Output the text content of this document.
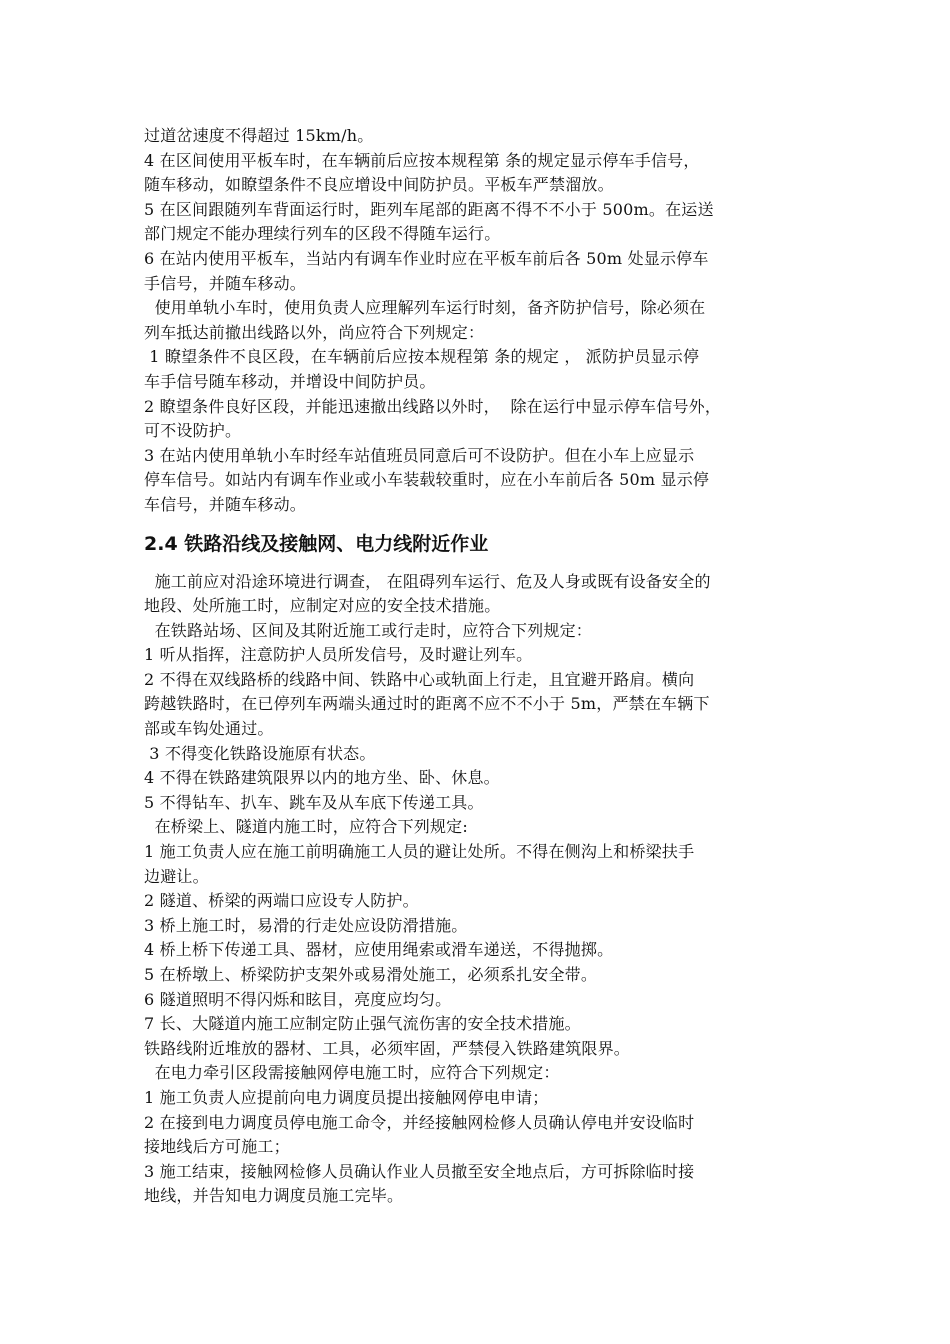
过道岔速度不得超过 15km/h。
4 在区间使用平板车时，在车辆前后应按本规程第 条的规定显示停车手信号，
随车移动，如瞭望条件不良应增设中间防护员。平板车严禁溜放。
5 在区间跟随列车背面运行时，距列车尾部的距离不得不不小于 500m。在运送
部门规定不能办理续行列车的区段不得随车运行。
6 在站内使用平板车，当站内有调车作业时应在平板车前后各 50m 处显示停车
手信号，并随车移动。
使用单轨小车时，使用负责人应理解列车运行时刻，备齐防护信号，除必须在
列车抵达前撤出线路以外，尚应符合下列规定：
1 瞭望条件不良区段，在车辆前后应按本规程第 条的规定 ， 派防护员显示停
车手信号随车移动，并增设中间防护员。
2 瞭望条件良好区段，并能迅速撤出线路以外时，  除在运行中显示停车信号外，
可不设防护。
3 在站内使用单轨小车时经车站值班员同意后可不设防护。但在小车上应显示
停车信号。如站内有调车作业或小车装载较重时，应在小车前后各 50m 显示停
车信号，并随车移动。
2.4 铁路沿线及接触网、电力线附近作业
施工前应对沿途环境进行调查， 在阻碍列车运行、危及人身或既有设备安全的
地段、处所施工时，应制定对应的安全技术措施。
在铁路站场、区间及其附近施工或行走时，应符合下列规定：
1 听从指挥，注意防护人员所发信号，及时避让列车。
2 不得在双线路桥的线路中间、铁路中心或轨面上行走，且宜避开路肩。横向
跨越铁路时，在已停列车两端头通过时的距离不应不不小于 5m，严禁在车辆下
部或车钩处通过。
3 不得变化铁路设施原有状态。
4 不得在铁路建筑限界以内的地方坐、卧、休息。
5 不得钻车、扒车、跳车及从车底下传递工具。
在桥梁上、隧道内施工时，应符合下列规定:
1 施工负责人应在施工前明确施工人员的避让处所。不得在侧沟上和桥梁扶手
边避让。
2 隧道、桥梁的两端口应设专人防护。
3 桥上施工时，易滑的行走处应设防滑措施。
4 桥上桥下传递工具、器材，应使用绳索或滑车递送，不得抛掷。
5 在桥墩上、桥梁防护支架外或易滑处施工，必须系扎安全带。
6 隧道照明不得闪烁和眩目，亮度应均匀。
7 长、大隧道内施工应制定防止强气流伤害的安全技术措施。
铁路线附近堆放的器材、工具，必须牢固，严禁侵入铁路建筑限界。
在电力牵引区段需接触网停电施工时，应符合下列规定：
1 施工负责人应提前向电力调度员提出接触网停电申请；
2 在接到电力调度员停电施工命令，并经接触网检修人员确认停电并安设临时
接地线后方可施工；
3 施工结束，接触网检修人员确认作业人员撤至安全地点后，方可拆除临时接
地线，并告知电力调度员施工完毕。
